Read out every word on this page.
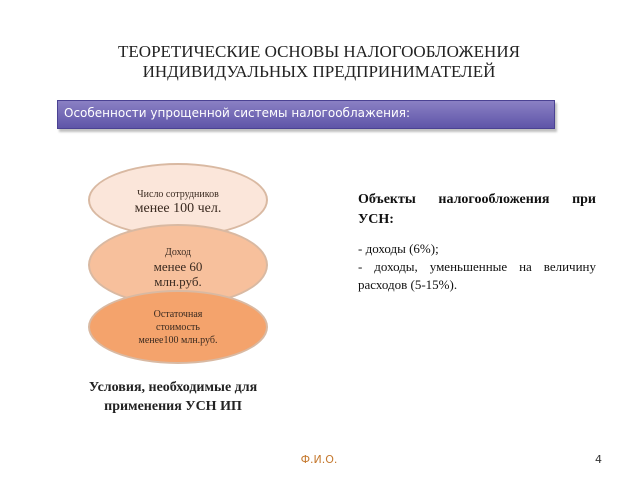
ТЕОРЕТИЧЕСКИЕ ОСНОВЫ НАЛОГООБЛОЖЕНИЯ
ИНДИВИДУАЛЬНЫХ ПРЕДПРИНИМАТЕЛЕЙ
Особенности упрощенной системы налогооблажения:
Число сотрудников
менее 100 чел.
Доход
менее 60
млн.руб.
Остаточная
стоимость
менее100 млн.руб.
Условия, необходимые для
применения УСН ИП
Объекты налогообложения при УСН:
- доходы (6%);
- доходы, уменьшенные на величину расходов (5-15%).
Ф.И.О.	4
